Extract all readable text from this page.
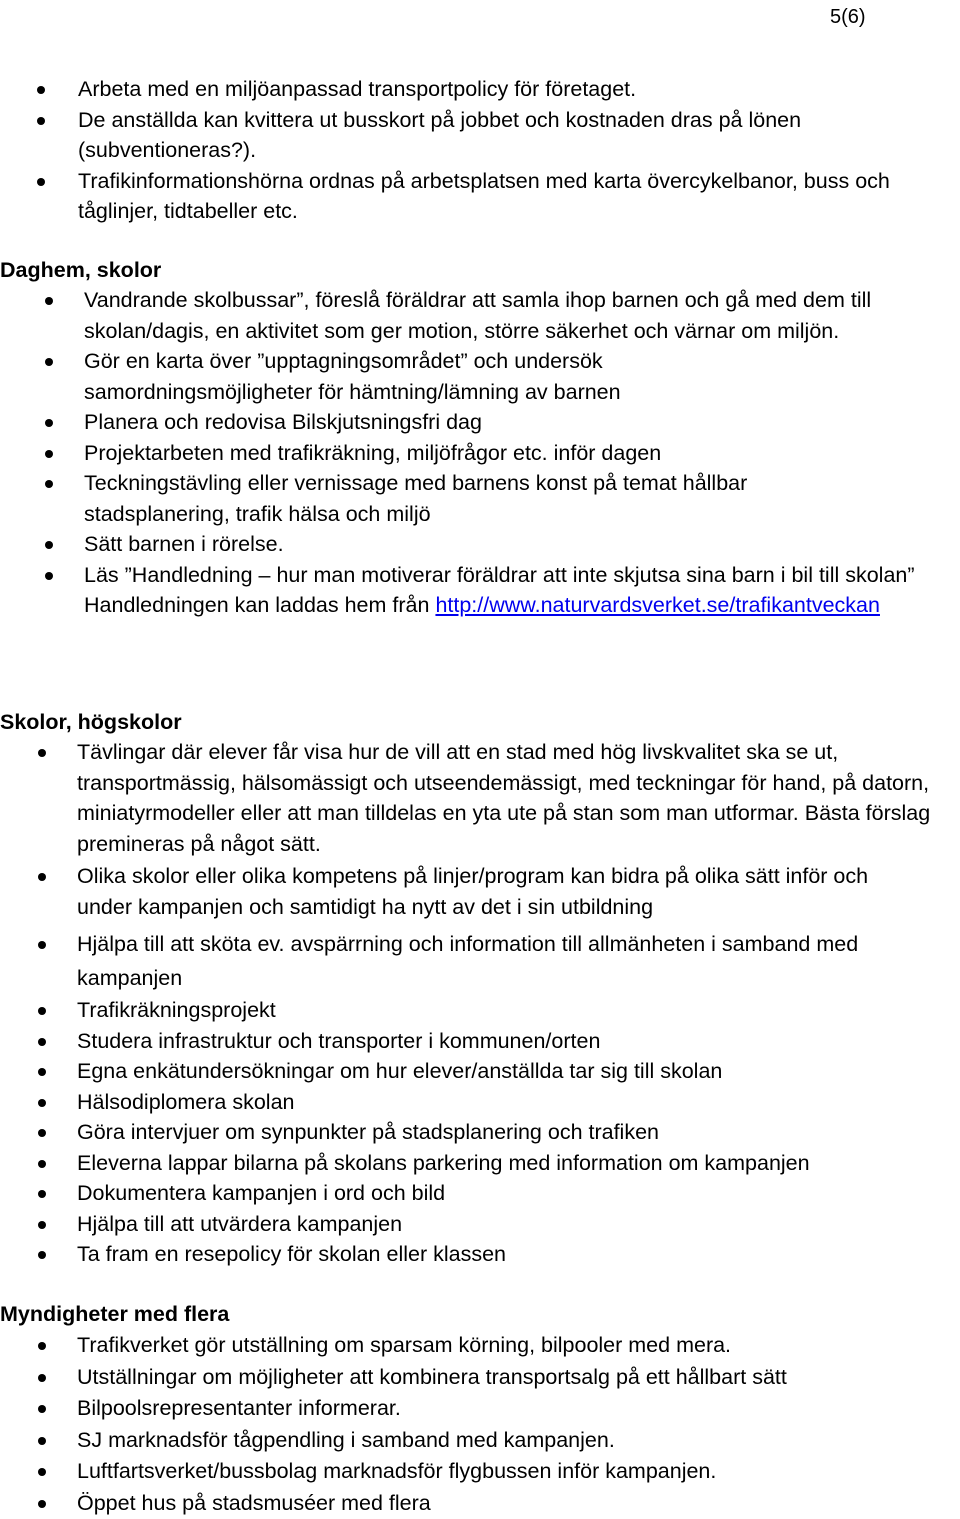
5(6)
Arbeta med en miljöanpassad transportpolicy för företaget.
De anställda kan kvittera ut busskort på jobbet och kostnaden dras på lönen (subventioneras?).
Trafikinformationshörna ordnas på arbetsplatsen med karta övercykelbanor, buss och tåglinjer, tidtabeller etc.
Daghem, skolor
Vandrande skolbussar”, föreslå föräldrar att samla ihop barnen och gå med dem till skolan/dagis, en aktivitet som ger motion, större säkerhet och värnar om miljön.
Gör en karta över ”upptagningsområdet” och undersök samordningsmöjligheter för hämtning/lämning av barnen
Planera och redovisa Bilskjutsningsfri dag
Projektarbeten med trafikräkning, miljöfrågor etc. inför dagen
Teckningstävling eller vernissage med barnens konst på temat hållbar stadsplanering, trafik hälsa och miljö
Sätt barnen i rörelse.
Läs ”Handledning – hur man motiverar föräldrar att inte skjutsa sina barn i bil till skolan” Handledningen kan laddas hem från http://www.naturvardsverket.se/trafikantveckan
Skolor, högskolor
Tävlingar där elever får visa hur de vill att en stad med hög livskvalitet ska se ut, transportmässig, hälsomässigt och utseendemässigt, med teckningar för hand, på datorn, miniatyrmodeller eller att man tilldelas en yta ute på stan som man utformar. Bästa förslag premineras på något sätt.
Olika skolor eller olika kompetens på linjer/program kan bidra på olika sätt inför och under kampanjen och samtidigt ha nytt av det i sin utbildning
Hjälpa till att sköta ev. avspärrning och information till allmänheten i samband med kampanjen
Trafikräkningsprojekt
Studera infrastruktur och transporter i kommunen/orten
Egna enkätundersökningar om hur elever/anställda tar sig till skolan
Hälsodiplomera skolan
Göra intervjuer om synpunkter på stadsplanering och trafiken
Eleverna lappar bilarna på skolans parkering med information om kampanjen
Dokumentera kampanjen i ord och bild
Hjälpa till att utvärdera kampanjen
Ta fram en resepolicy för skolan eller klassen
Myndigheter med flera
Trafikverket gör utställning om sparsam körning, bilpooler med mera.
Utställningar om möjligheter att kombinera transportsalg på ett hållbart sätt
Bilpoolsrepresentanter informerar.
SJ marknadsför tågpendling i samband med kampanjen.
Luftfartsverket/bussbolag marknadsför flygbussen inför kampanjen.
Öppet hus på stadsmuséer med flera
